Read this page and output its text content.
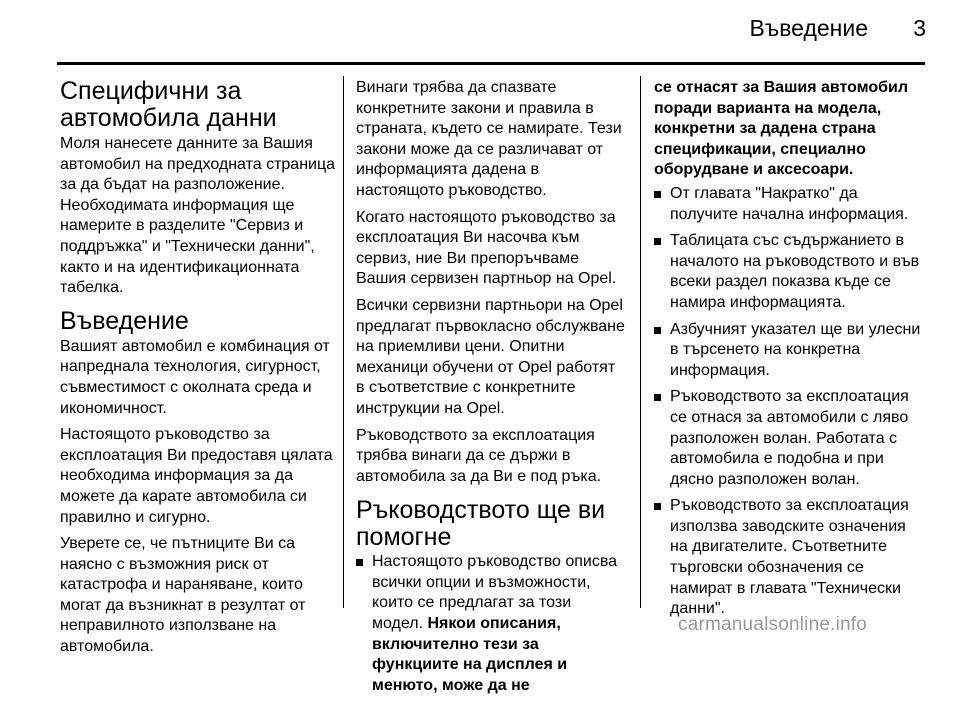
Въведение 3
Специфични за автомобила данни

Моля нанесете данните за Вашия автомобил на предходната страница за да бъдат на разположение. Необходимата информация ще намерите в разделите "Сервиз и поддръжка" и "Технически данни", както и на идентификационната табелка.

Въведение

Вашият автомобил е комбинация от напреднала технология, сигурност, съвместимост с околната среда и икономичност.

Настоящото ръководство за експлоатация Ви предоставя цялата необходима информация за да можете да карате автомобила си правилно и сигурно.

Уверете се, че пътниците Ви са наясно с възможния риск от катастрофа и нараняване, които могат да възникнат в резултат от неправилното използване на автомобила.

Винаги трябва да спазвате конкретните закони и правила в страната, където се намирате. Тези закони може да се различават от информацията дадена в настоящото ръководство.

Когато настоящото ръководство за експлоатация Ви насочва към сервиз, ние Ви препоръчваме Вашия сервизен партньор на Opel.

Всички сервизни партньори на Opel предлагат първокласно обслужване на приемливи цени. Опитни механици обучени от Opel работят в съответствие с конкретните инструкции на Opel.

Ръководството за експлоатация трябва винаги да се държи в автомобила за да Ви е под ръка.

Ръководството ще ви помогне
Настоящото ръководство описва всички опции и възможности, които се предлагат за този модел. Някои описания, включително тези за функциите на дисплея и менюто, може да не

се отнасят за Вашия автомобил поради варианта на модела, конкретни за дадена страна спецификации, специално оборудване и аксесоари.

От главата "Накратко" да получите начална информация.
Таблицата със съдържанието в началото на ръководството и във всеки раздел показва къде се намира информацията.
Азбучният указател ще ви улесни в търсенето на конкретна информация.
Ръководството за експлоатация се отнася за автомобили с ляво разположен волан. Работата с автомобила е подобна и при дясно разположен волан.
Ръководството за експлоатация използва заводските означения на двигателите. Съответните търговски обозначения се намират в главата "Технически данни".
carmanualsonline.info
